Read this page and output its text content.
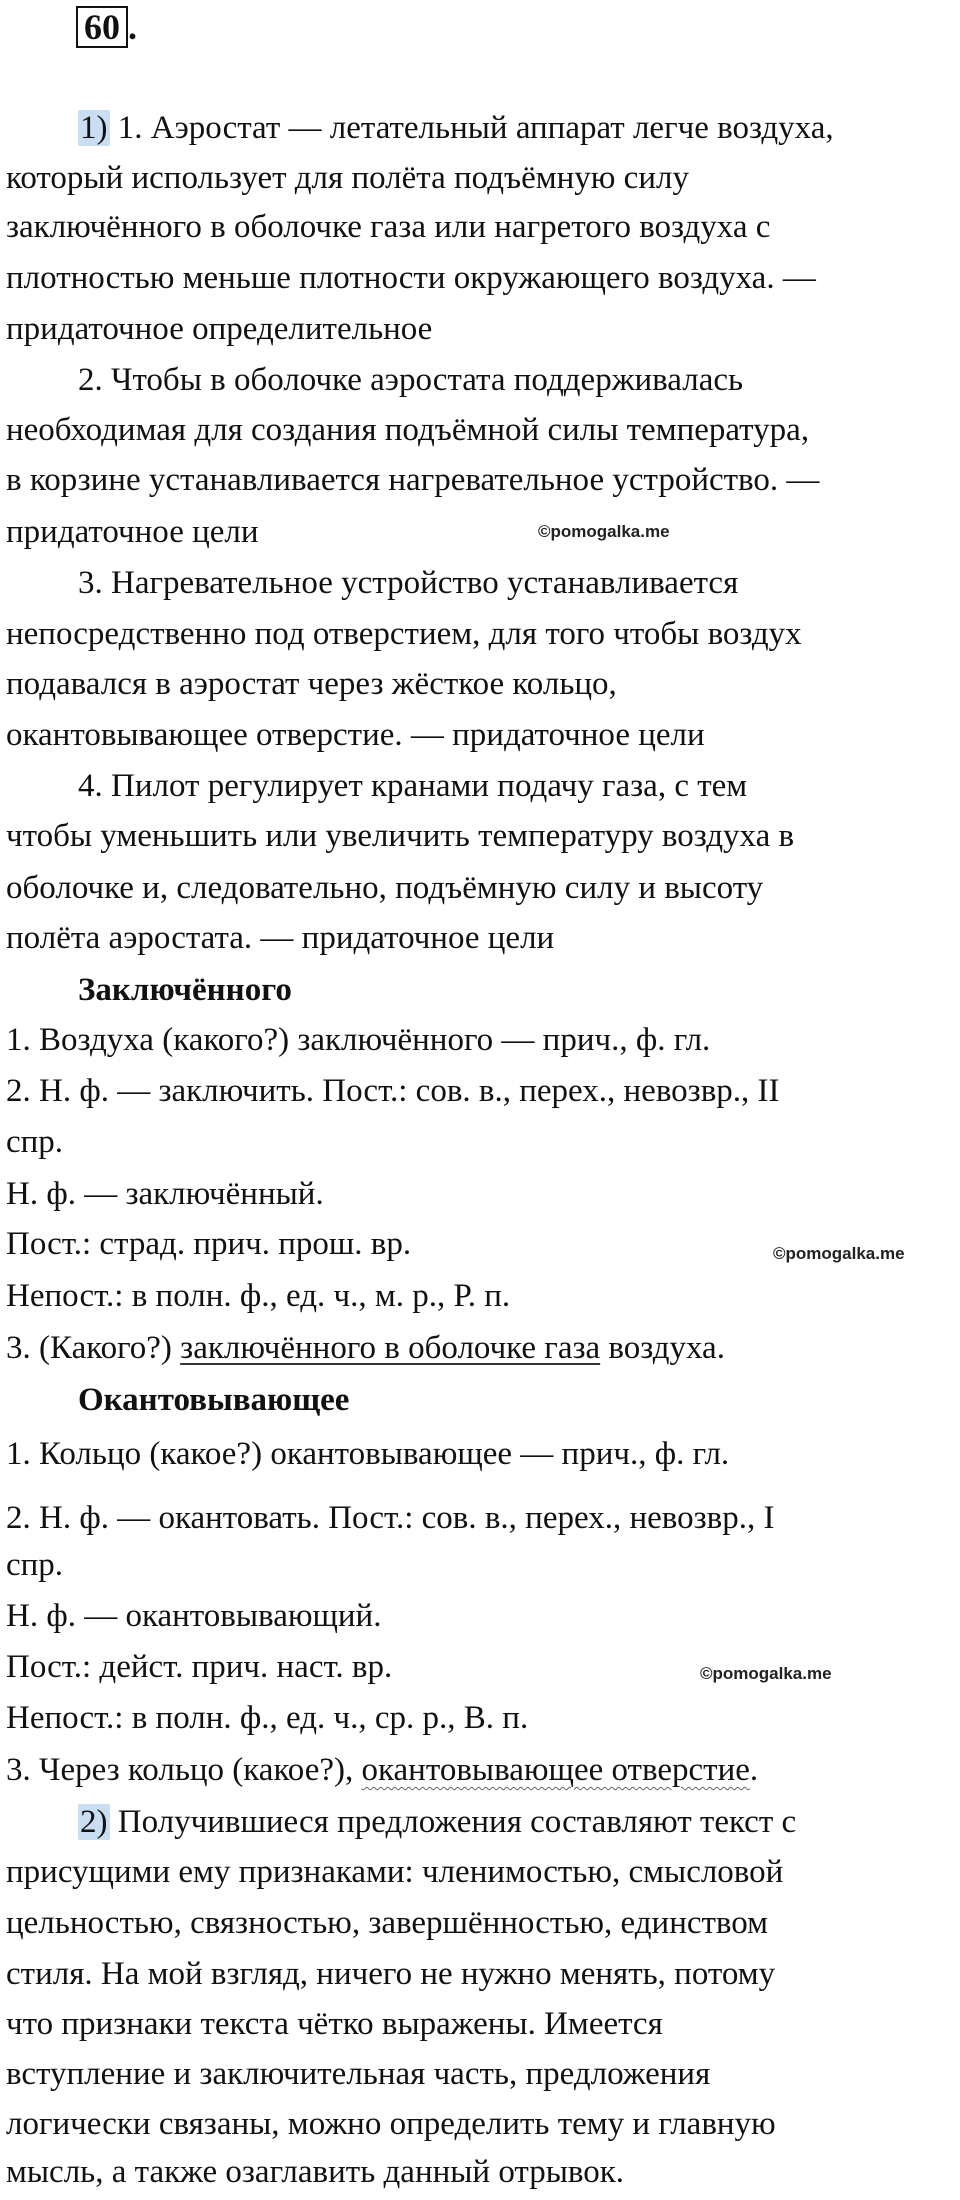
60 .
1) 1. Аэростат — летательный аппарат легче воздуха,
который использует для полёта подъёмную силу
заключённого в оболочке газа или нагретого воздуха с
плотностью меньше плотности окружающего воздуха. —
придаточное определительное
2. Чтобы в оболочке аэростата поддерживалась
необходимая для создания подъёмной силы температура,
в корзине устанавливается нагревательное устройство. —
придаточное цели	©pomogalka.me
3. Нагревательное устройство устанавливается
непосредственно под отверстием, для того чтобы воздух
подавался в аэростат через жёсткое кольцо,
окантовывающее отверстие. — придаточное цели
4. Пилот регулирует кранами подачу газа, с тем
чтобы уменьшить или увеличить температуру воздуха в
оболочке и, следовательно, подъёмную силу и высоту
полёта аэростата. — придаточное цели
Заключённого
1. Воздуха (какого?) заключённого — прич., ф. гл.
2. Н. ф. — заключить. Пост.: сов. в., перех., невозвр., II
спр.
Н. ф. — заключённый.
Пост.: страд. прич. прош. вр.	©pomogalka.me
Непост.: в полн. ф., ед. ч., м. р., Р. п.
3. (Какого?) заключённого в оболочке газа воздуха.
Окантовывающее
1. Кольцо (какое?) окантовывающее — прич., ф. гл.
2. Н. ф. — окантовать. Пост.: сов. в., перех., невозвр., I
спр.
Н. ф. — окантовывающий.
Пост.: дейст. прич. наст. вр.	©pomogalka.me
Непост.: в полн. ф., ед. ч., ср. р., В. п.
3. Через кольцо (какое?), окантовывающее отверстие.
2) Получившиеся предложения составляют текст с
присущими ему признаками: членимостью, смысловой
цельностью, связностью, завершённостью, единством
стиля. На мой взгляд, ничего не нужно менять, потому
что признаки текста чётко выражены. Имеется
вступление и заключительная часть, предложения
логически связаны, можно определить тему и главную
мысль, а также озаглавить данный отрывок.
